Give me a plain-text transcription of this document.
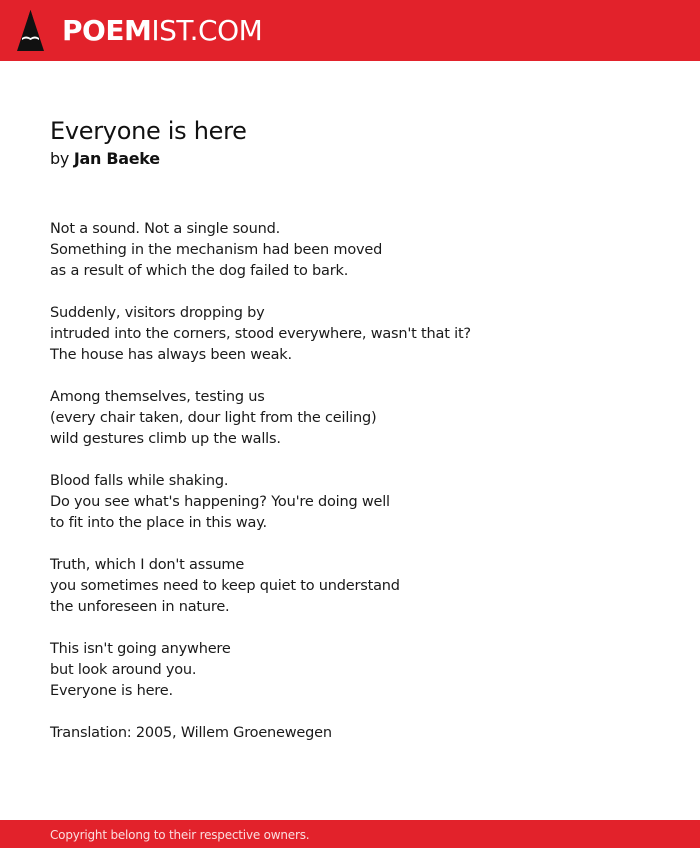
POEMIST.COM
Everyone is here
by Jan Baeke
Not a sound. Not a single sound.
Something in the mechanism had been moved
as a result of which the dog failed to bark.
Suddenly, visitors dropping by
intruded into the corners, stood everywhere, wasn't that it?
The house has always been weak.
Among themselves, testing us
(every chair taken, dour light from the ceiling)
wild gestures climb up the walls.
Blood falls while shaking.
Do you see what's happening? You're doing well
to fit into the place in this way.
Truth, which I don't assume
you sometimes need to keep quiet to understand
the unforeseen in nature.
This isn't going anywhere
but look around you.
Everyone is here.
Translation: 2005, Willem Groenewegen
Copyright belong to their respective owners.
